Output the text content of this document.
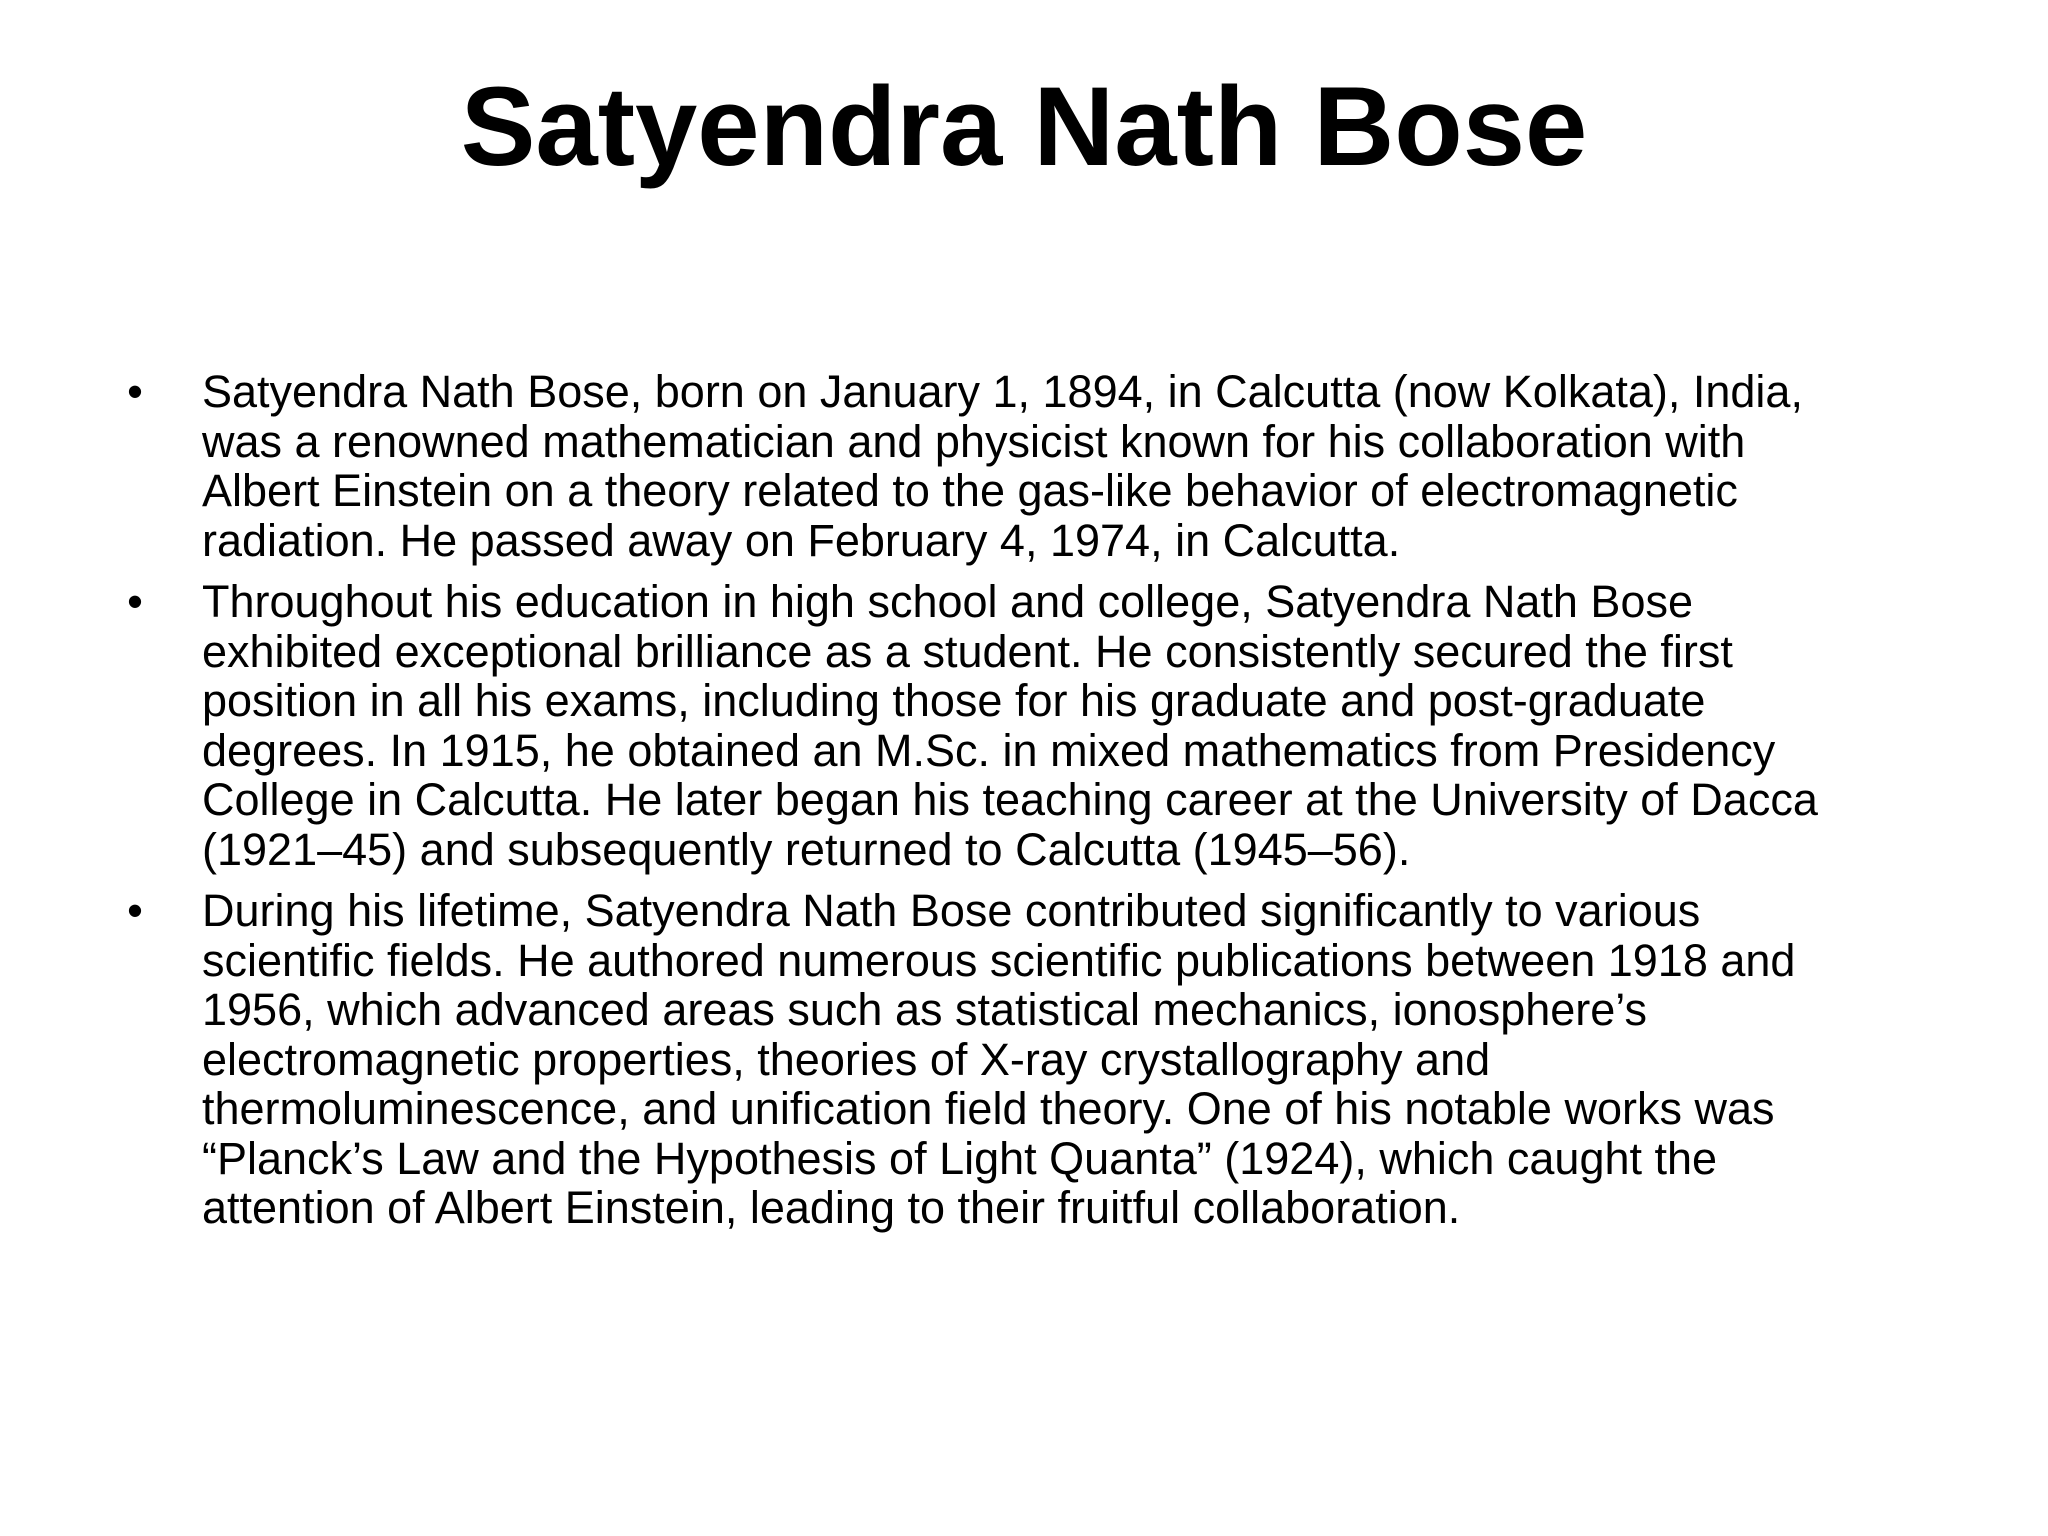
Satyendra Nath Bose
• Satyendra Nath Bose, born on January 1, 1894, in Calcutta (now Kolkata), India,
was a renowned mathematician and physicist known for his collaboration with
Albert Einstein on a theory related to the gas-like behavior of electromagnetic
radiation. He passed away on February 4, 1974, in Calcutta.
• Throughout his education in high school and college, Satyendra Nath Bose
exhibited exceptional brilliance as a student. He consistently secured the first
position in all his exams, including those for his graduate and post-graduate
degrees. In 1915, he obtained an M.Sc. in mixed mathematics from Presidency
College in Calcutta. He later began his teaching career at the University of Dacca
(1921–45) and subsequently returned to Calcutta (1945–56).
• During his lifetime, Satyendra Nath Bose contributed significantly to various
scientific fields. He authored numerous scientific publications between 1918 and
1956, which advanced areas such as statistical mechanics, ionosphere’s
electromagnetic properties, theories of X-ray crystallography and
thermoluminescence, and unification field theory. One of his notable works was
“Planck’s Law and the Hypothesis of Light Quanta” (1924), which caught the
attention of Albert Einstein, leading to their fruitful collaboration.
